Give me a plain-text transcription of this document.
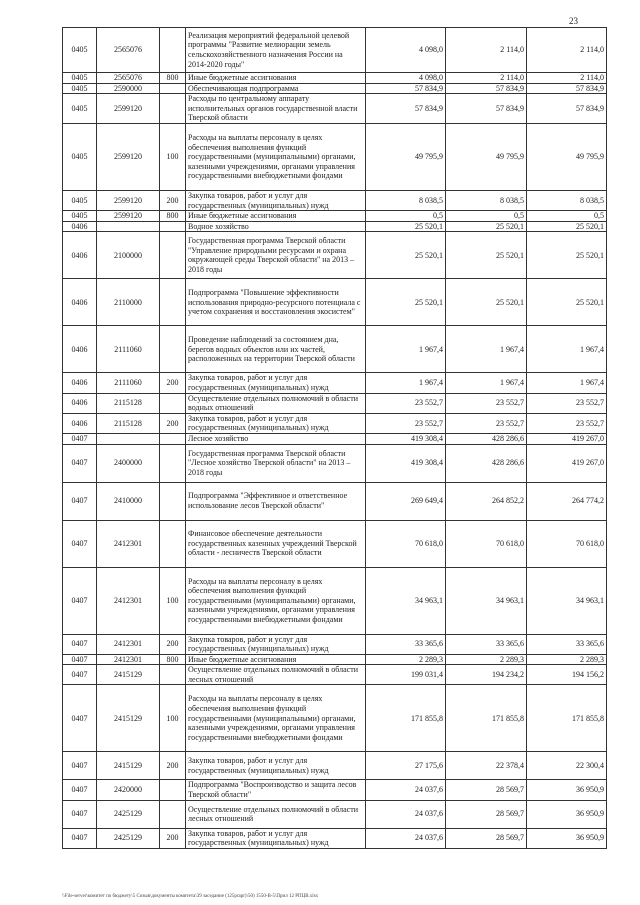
23
0405	2565076		Реализация мероприятий федеральной целевой программы "Развитие мелиорации земель сельскохозяйственного назначения России на 2014-2020 годы"	4 098,0	2 114,0	2 114,0
0405	2565076	800	Иные бюджетные ассигнования	4 098,0	2 114,0	2 114,0
0405	2590000		Обеспечивающая подпрограмма	57 834,9	57 834,9	57 834,9
0405	2599120		Расходы по центральному аппарату исполнительных органов государственной власти Тверской области	57 834,9	57 834,9	57 834,9
0405	2599120	100	Расходы на выплаты персоналу в целях обеспечения выполнения функций государственными (муниципальными) органами, казенными учреждениями, органами управления государственными внебюджетными фондами	49 795,9	49 795,9	49 795,9
0405	2599120	200	Закупка товаров, работ и услуг для государственных (муниципальных) нужд	8 038,5	8 038,5	8 038,5
0405	2599120	800	Иные бюджетные ассигнования	0,5	0,5	0,5
0406			Водное хозяйство	25 520,1	25 520,1	25 520,1
0406	2100000		Государственная программа Тверской области "Управление природными ресурсами и охрана окружающей среды Тверской области" на 2013 – 2018 годы	25 520,1	25 520,1	25 520,1
0406	2110000		Подпрограмма "Повышение эффективности использования природно-ресурсного потенциала с учетом сохранения и восстановления экосистем"	25 520,1	25 520,1	25 520,1
0406	2111060		Проведение наблюдений за состоянием дна, берегов водных объектов или их частей, расположенных на территории Тверской области	1 967,4	1 967,4	1 967,4
0406	2111060	200	Закупка товаров, работ и услуг для государственных (муниципальных) нужд	1 967,4	1 967,4	1 967,4
0406	2115128		Осуществление отдельных полномочий в области водных отношений	23 552,7	23 552,7	23 552,7
0406	2115128	200	Закупка товаров, работ и услуг для государственных (муниципальных) нужд	23 552,7	23 552,7	23 552,7
0407			Лесное хозяйство	419 308,4	428 286,6	419 267,0
0407	2400000		Государственная программа Тверской области "Лесное хозяйство Тверской области" на 2013 – 2018 годы	419 308,4	428 286,6	419 267,0
0407	2410000		Подпрограмма "Эффективное и ответственное использование лесов Тверской области"	269 649,4	264 852,2	264 774,2
0407	2412301		Финансовое обеспечение деятельности государственных казенных учреждений Тверской области - лесничеств Тверской области	70 618,0	70 618,0	70 618,0
0407	2412301	100	Расходы на выплаты персоналу в целях обеспечения выполнения функций государственными (муниципальными) органами, казенными учреждениями, органами управления государственными внебюджетными фондами	34 963,1	34 963,1	34 963,1
0407	2412301	200	Закупка товаров, работ и услуг для государственных (муниципальных) нужд	33 365,6	33 365,6	33 365,6
0407	2412301	800	Иные бюджетные ассигнования	2 289,3	2 289,3	2 289,3
0407	2415129		Осуществление отдельных полномочий в области лесных отношений	199 031,4	194 234,2	194 156,2
0407	2415129	100	Расходы на выплаты персоналу в целях обеспечения выполнения функций государственными (муниципальными) органами, казенными учреждениями, органами управления государственными внебюджетными фондами	171 855,8	171 855,8	171 855,8
0407	2415129	200	Закупка товаров, работ и услуг для государственных (муниципальных) нужд	27 175,6	22 378,4	22 300,4
0407	2420000		Подпрограмма "Воспроизводство и защита лесов Тверской области"	24 037,6	28 569,7	36 950,9
0407	2425129		Осуществление отдельных полномочий в области лесных отношений	24 037,6	28 569,7	36 950,9
0407	2425129	200	Закупка товаров, работ и услуг для государственных (муниципальных) нужд	24 037,6	28 569,7	36 950,9
\\File-server\комитет по бюджету\5 Созыв\документы комитета\39 заседание (125prapr)\50) 1550-В-5\Прил 12 РПЦВ.xlsx
